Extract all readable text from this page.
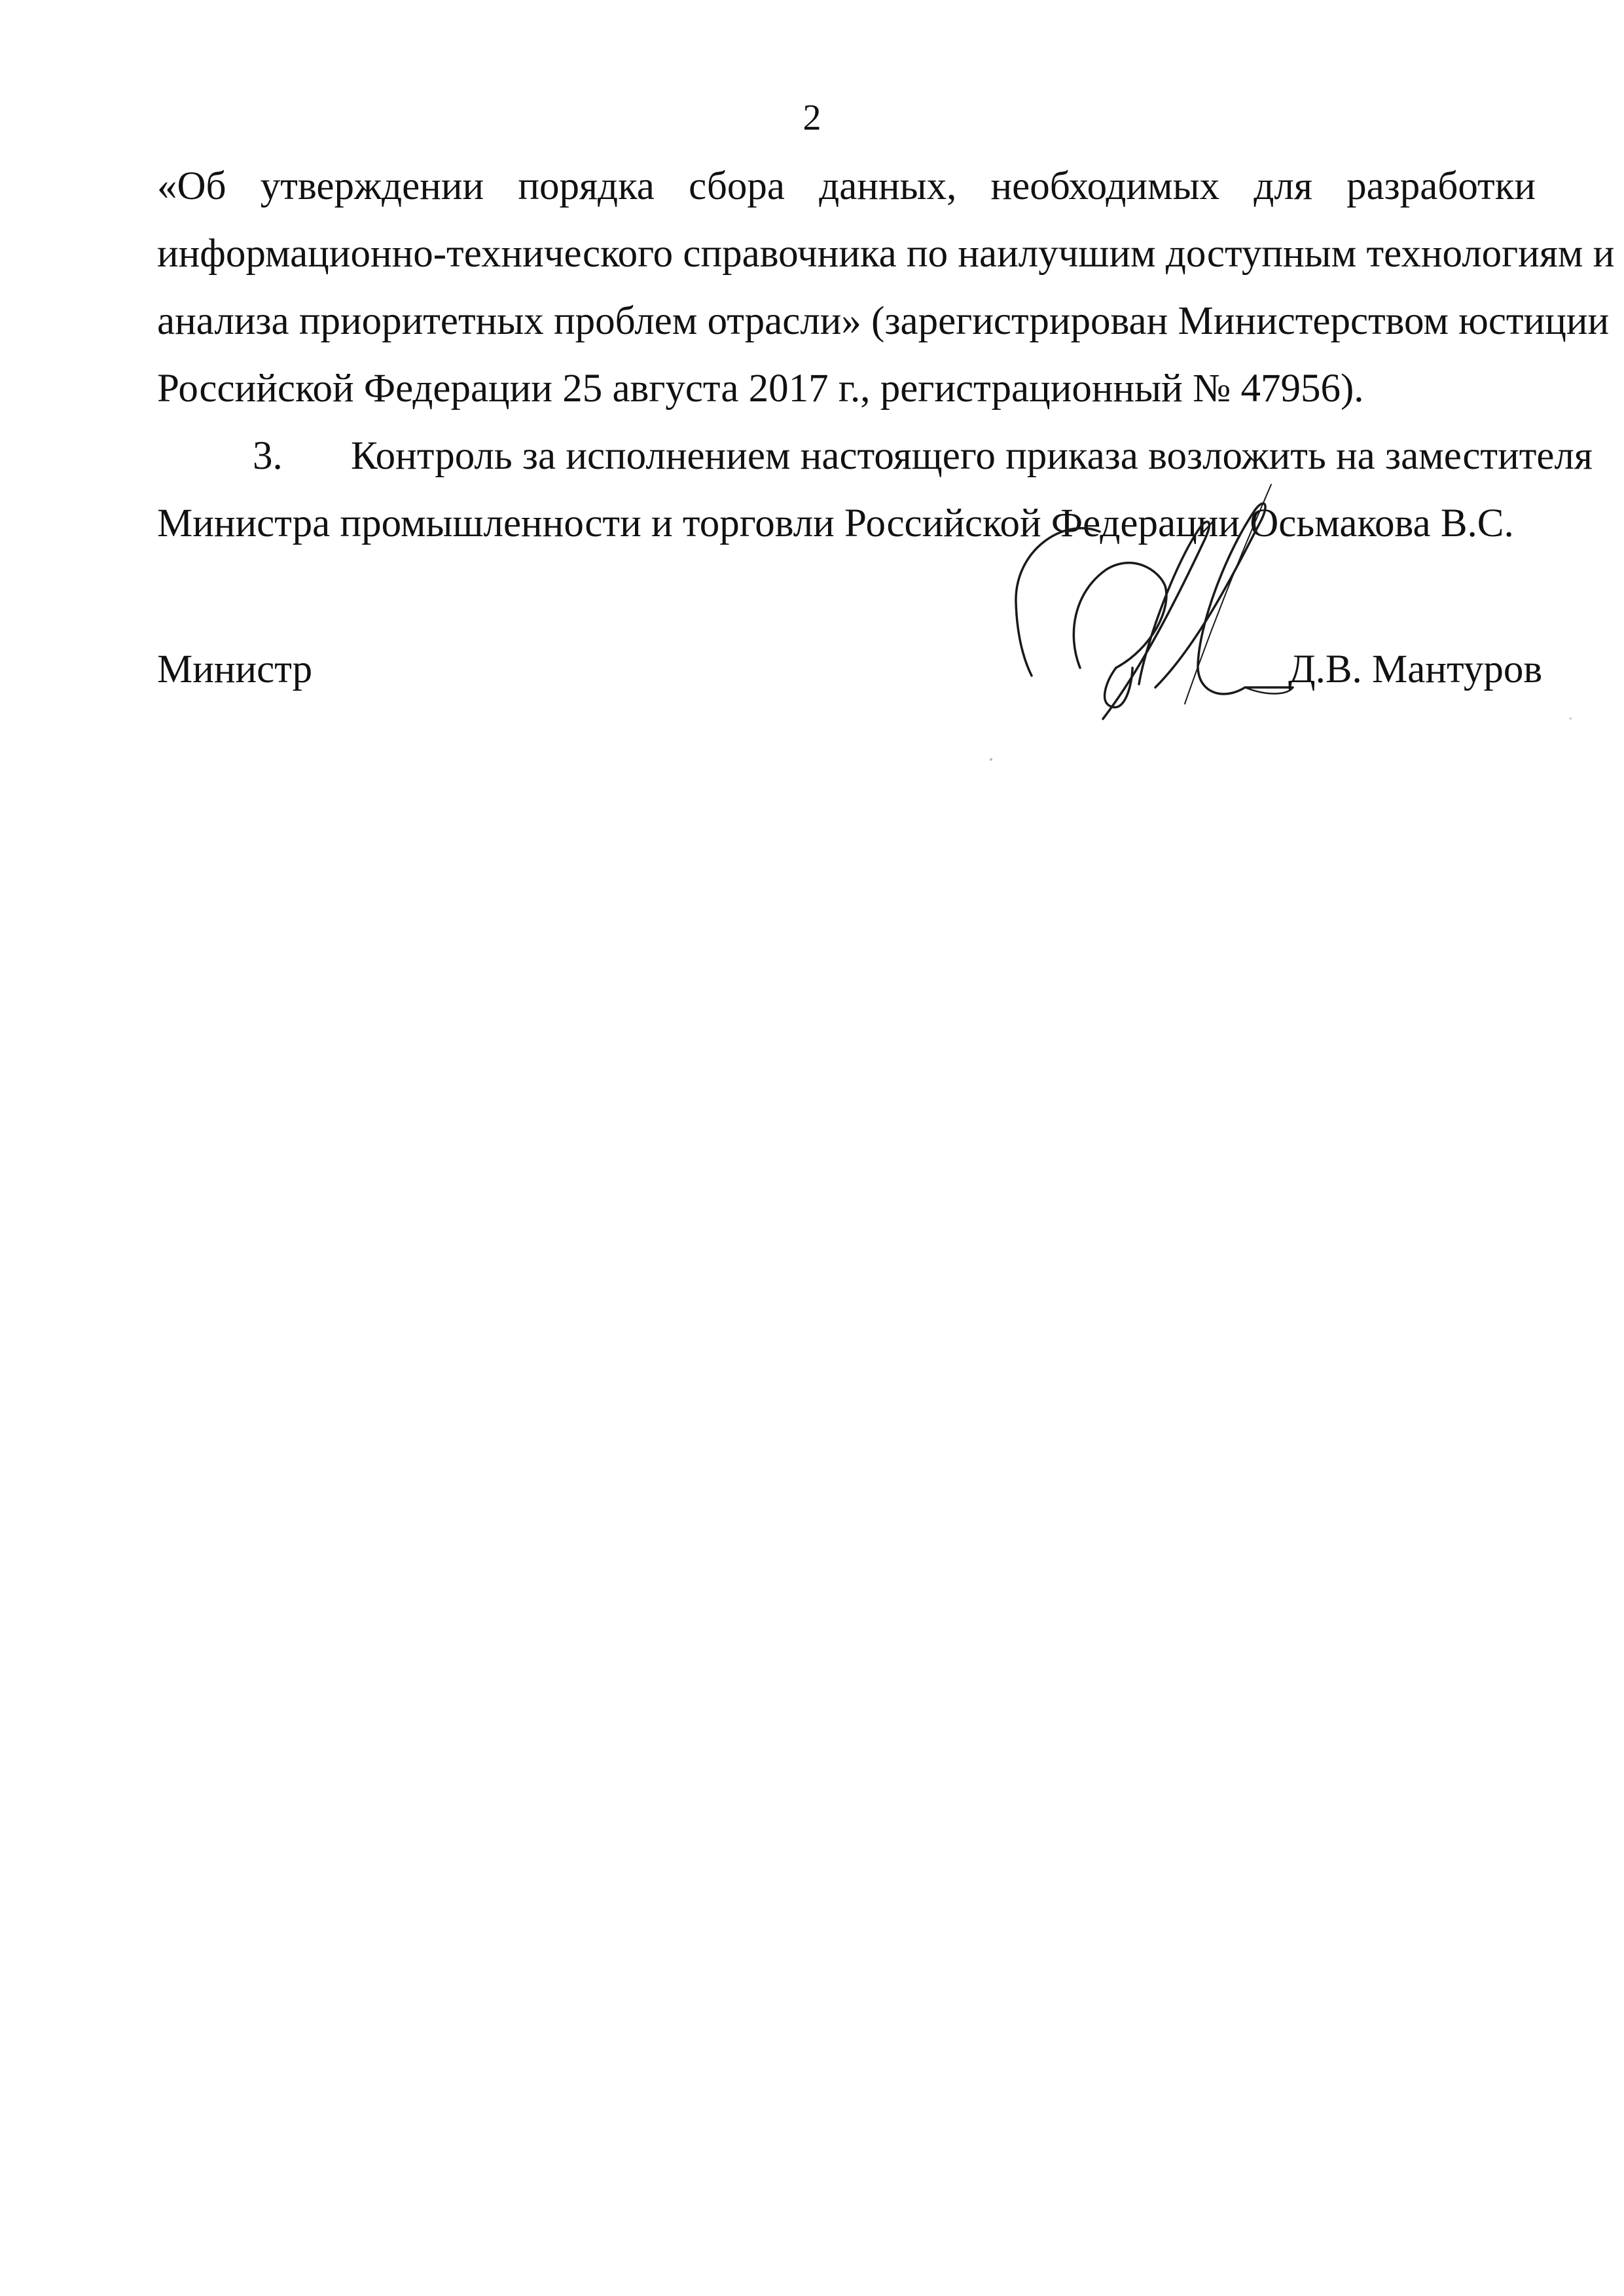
2
«Об утверждении порядка сбора данных, необходимых для разработки
информационно-технического справочника по наилучшим доступным технологиям и
анализа приоритетных проблем отрасли» (зарегистрирован Министерством юстиции
Российской Федерации 25 августа 2017 г., регистрационный № 47956).
3. Контроль за исполнением настоящего приказа возложить на заместителя
Министра промышленности и торговли Российской Федерации Осьмакова В.С.
Министр	Д.В. Мантуров
